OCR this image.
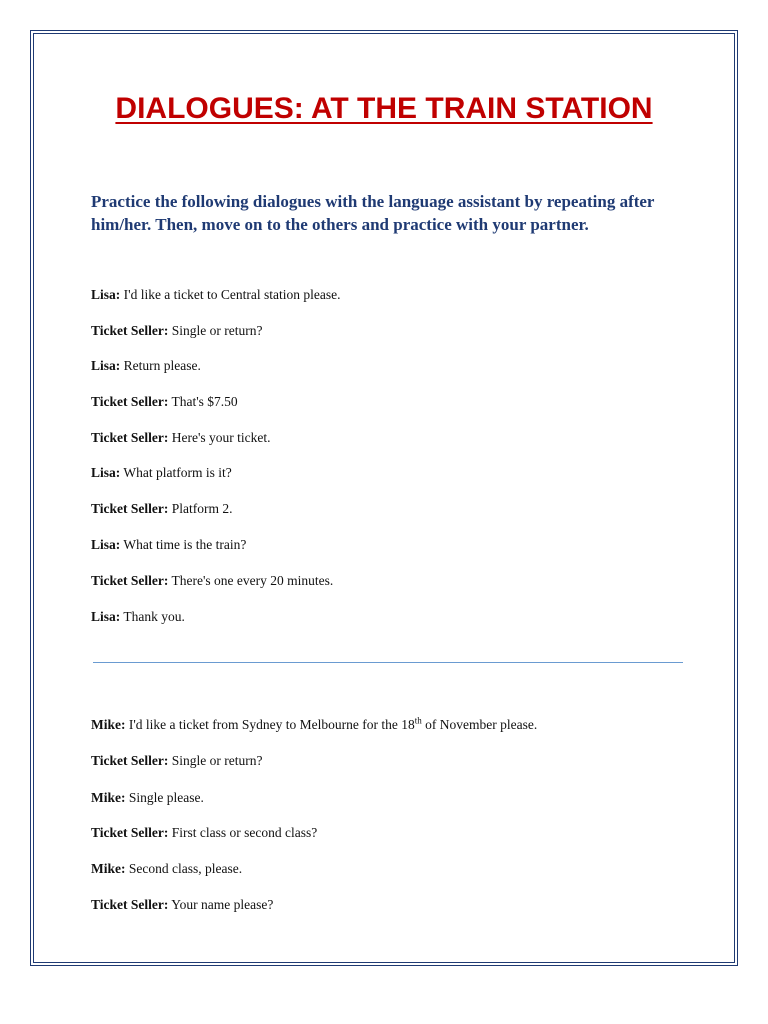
DIALOGUES: AT THE TRAIN STATION
Practice the following dialogues with the language assistant by repeating after him/her. Then, move on to the others and practice with your partner.
Lisa: I'd like a ticket to Central station please.
Ticket Seller: Single or return?
Lisa: Return please.
Ticket Seller: That's $7.50
Ticket Seller: Here's your ticket.
Lisa: What platform is it?
Ticket Seller: Platform 2.
Lisa: What time is the train?
Ticket Seller: There's one every 20 minutes.
Lisa: Thank you.
Mike: I'd like a ticket from Sydney to Melbourne for the 18th of November please.
Ticket Seller: Single or return?
Mike: Single please.
Ticket Seller: First class or second class?
Mike: Second class, please.
Ticket Seller: Your name please?
